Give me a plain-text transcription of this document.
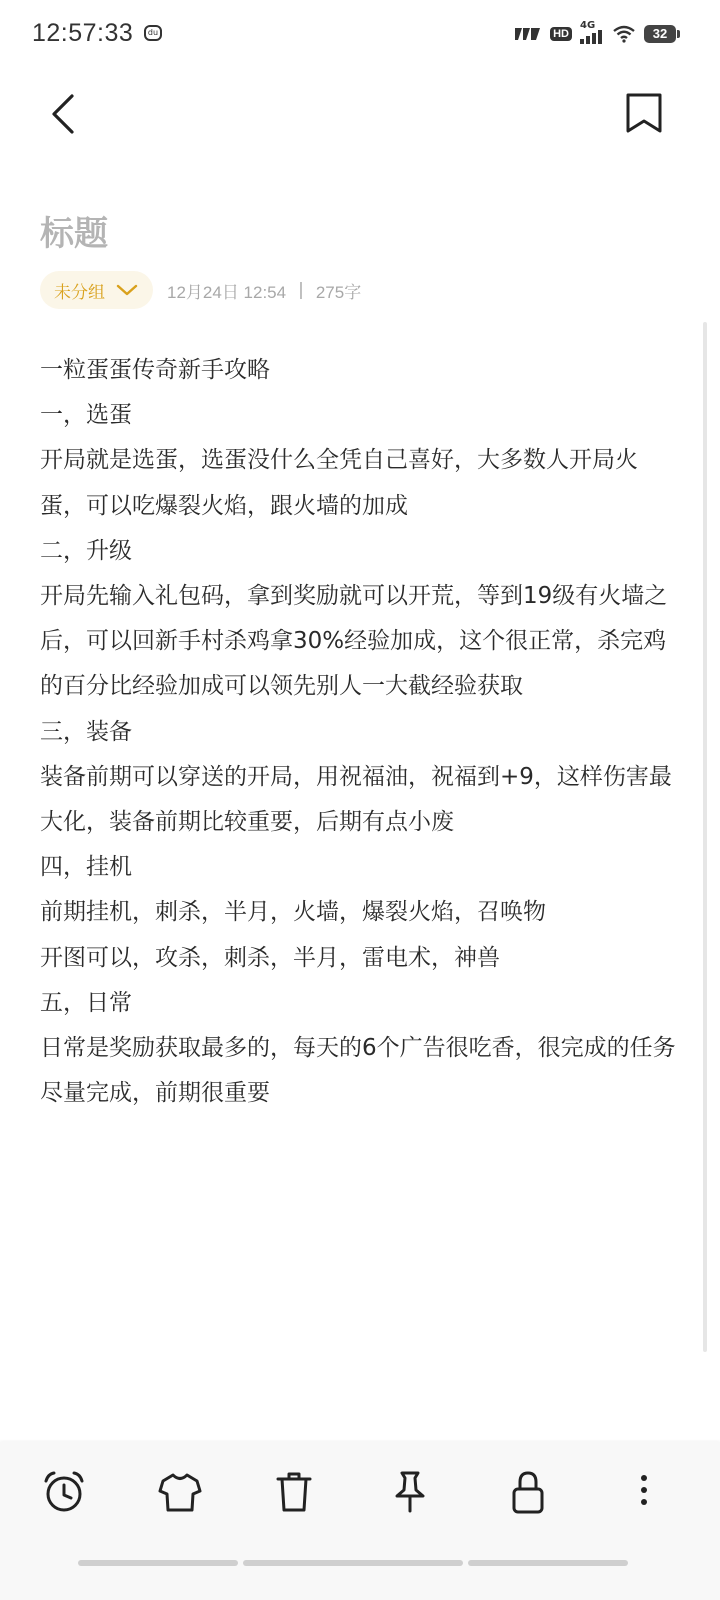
12:57:33	du	HD
4G
32
标题
未分组	12月24日 12:54 | 275字

一粒蛋蛋传奇新手攻略

一，选蛋

开局就是选蛋，选蛋没什么全凭自己喜好，大多数人开局火蛋，可以吃爆裂火焰，跟火墙的加成

二，升级

开局先输入礼包码，拿到奖励就可以开荒，等到19级有火墙之后，可以回新手村杀鸡拿30%经验加成，这个很正常，杀完鸡的百分比经验加成可以领先别人一大截经验获取

三，装备

装备前期可以穿送的开局，用祝福油，祝福到+9，这样伤害最大化，装备前期比较重要，后期有点小废

四，挂机

前期挂机，刺杀，半月，火墙，爆裂火焰，召唤物

开图可以，攻杀，刺杀，半月，雷电术，神兽

五，日常

日常是奖励获取最多的，每天的6个广告很吃香，很完成的任务尽量完成，前期很重要
